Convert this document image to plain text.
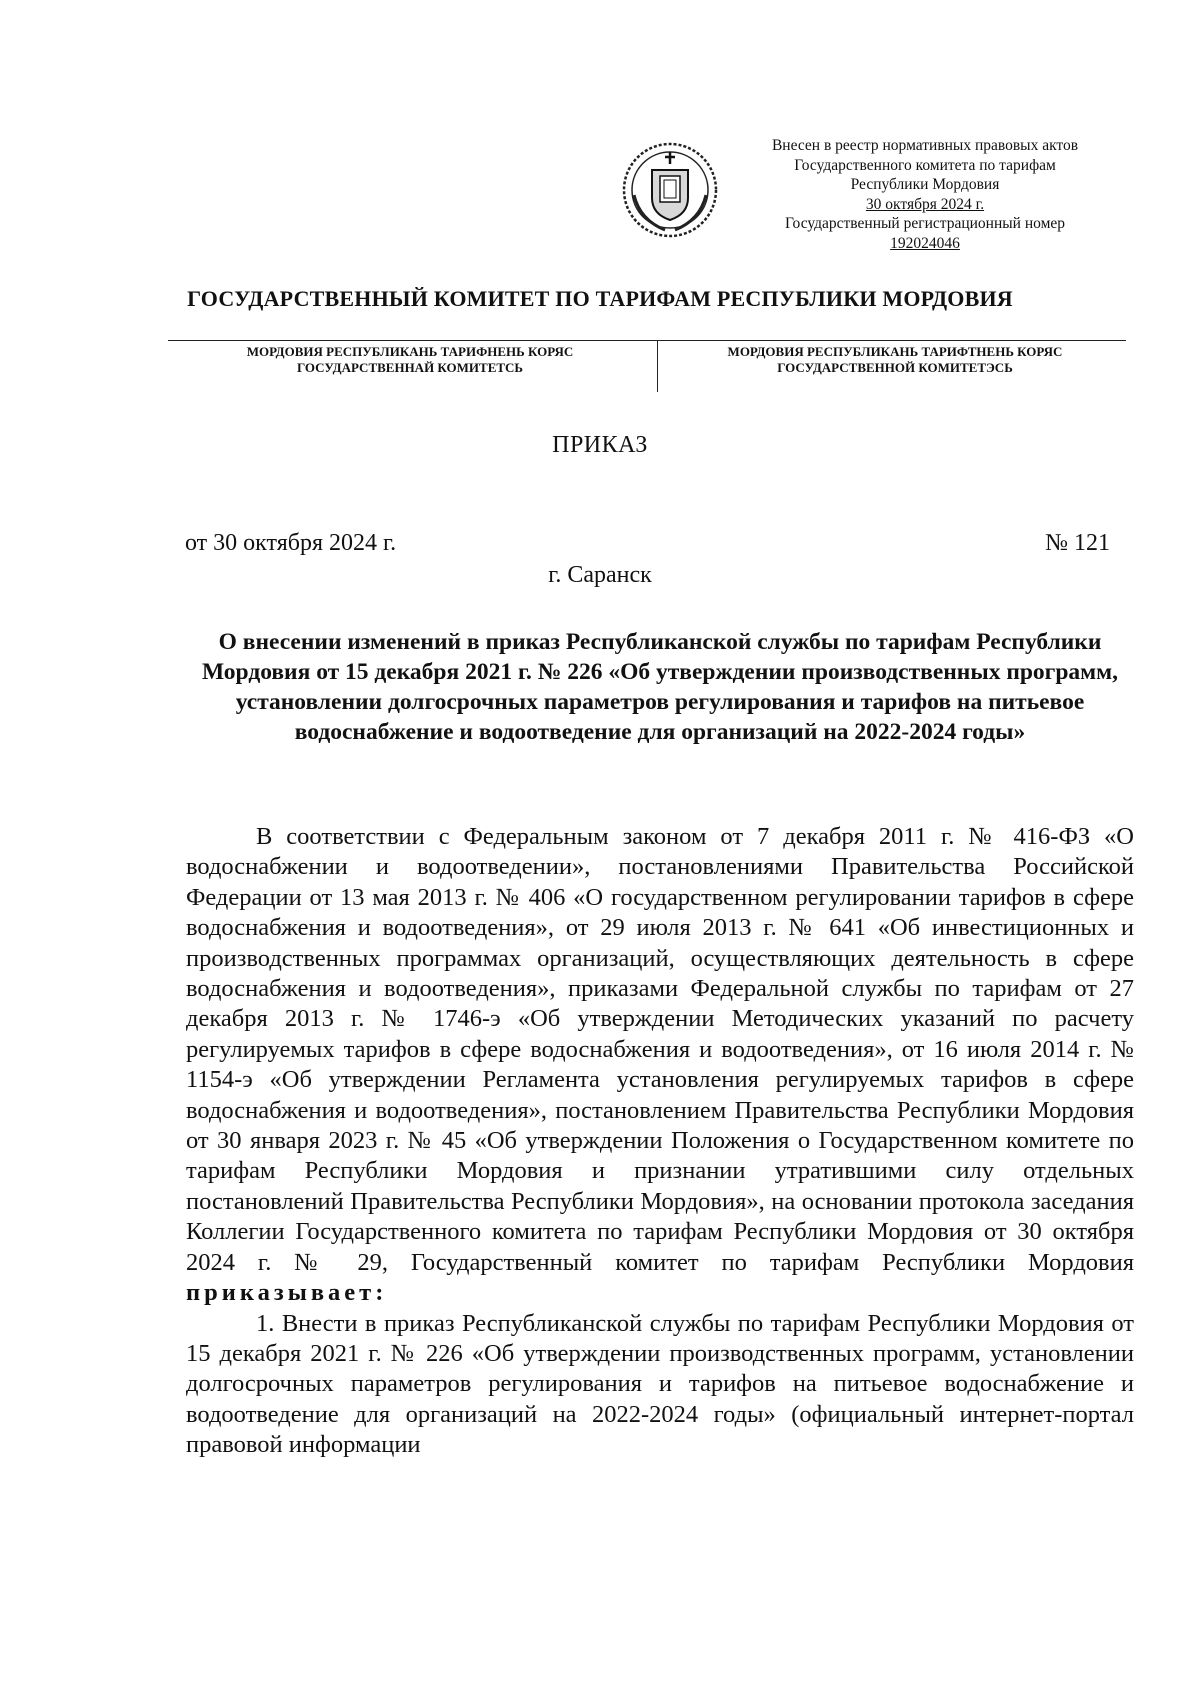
Внесен в реестр нормативных правовых актов
Государственного комитета по тарифам
Республики Мордовия
30 октября 2024 г.
Государственный регистрационный номер
192024046
ГОСУДАРСТВЕННЫЙ КОМИТЕТ ПО ТАРИФАМ РЕСПУБЛИКИ МОРДОВИЯ
МОРДОВИЯ РЕСПУБЛИКАНЬ ТАРИФНЕНЬ КОРЯС
ГОСУДАРСТВЕННАЙ КОМИТЕТСЬ
МОРДОВИЯ РЕСПУБЛИКАНЬ ТАРИФТНЕНЬ КОРЯС
ГОСУДАРСТВЕННОЙ КОМИТЕТЭСЬ
ПРИКАЗ
от 30 октября 2024 г.	№ 121
г. Саранск
О внесении изменений в приказ Республиканской службы по тарифам Республики Мордовия от 15 декабря 2021 г. № 226 «Об утверждении производственных программ, установлении долгосрочных параметров регулирования и тарифов на питьевое водоснабжение и водоотведение для организаций на 2022-2024 годы»

В соответствии с Федеральным законом от 7 декабря 2011 г. № 416-ФЗ «О водоснабжении и водоотведении», постановлениями Правительства Российской Федерации от 13 мая 2013 г. № 406 «О государственном регулировании тарифов в сфере водоснабжения и водоотведения», от 29 июля 2013 г. № 641 «Об инвестиционных и производственных программах организаций, осуществляющих деятельность в сфере водоснабжения и водоотведения», приказами Федеральной службы по тарифам от 27 декабря 2013 г. № 1746-э «Об утверждении Методических указаний по расчету регулируемых тарифов в сфере водоснабжения и водоотведения», от 16 июля 2014 г. № 1154-э «Об утверждении Регламента установления регулируемых тарифов в сфере водоснабжения и водоотведения», постановлением Правительства Республики Мордовия от 30 января 2023 г. № 45 «Об утверждении Положения о Государственном комитете по тарифам Республики Мордовия и признании утратившими силу отдельных постановлений Правительства Республики Мордовия», на основании протокола заседания Коллегии Государственного комитета по тарифам Республики Мордовия от 30 октября 2024 г. № 29, Государственный комитет по тарифам Республики Мордовия приказывает:

1. Внести в приказ Республиканской службы по тарифам Республики Мордовия от 15 декабря 2021 г. № 226 «Об утверждении производственных программ, установлении долгосрочных параметров регулирования и тарифов на питьевое водоснабжение и водоотведение для организаций на 2022-2024 годы» (официальный интернет-портал правовой информации
